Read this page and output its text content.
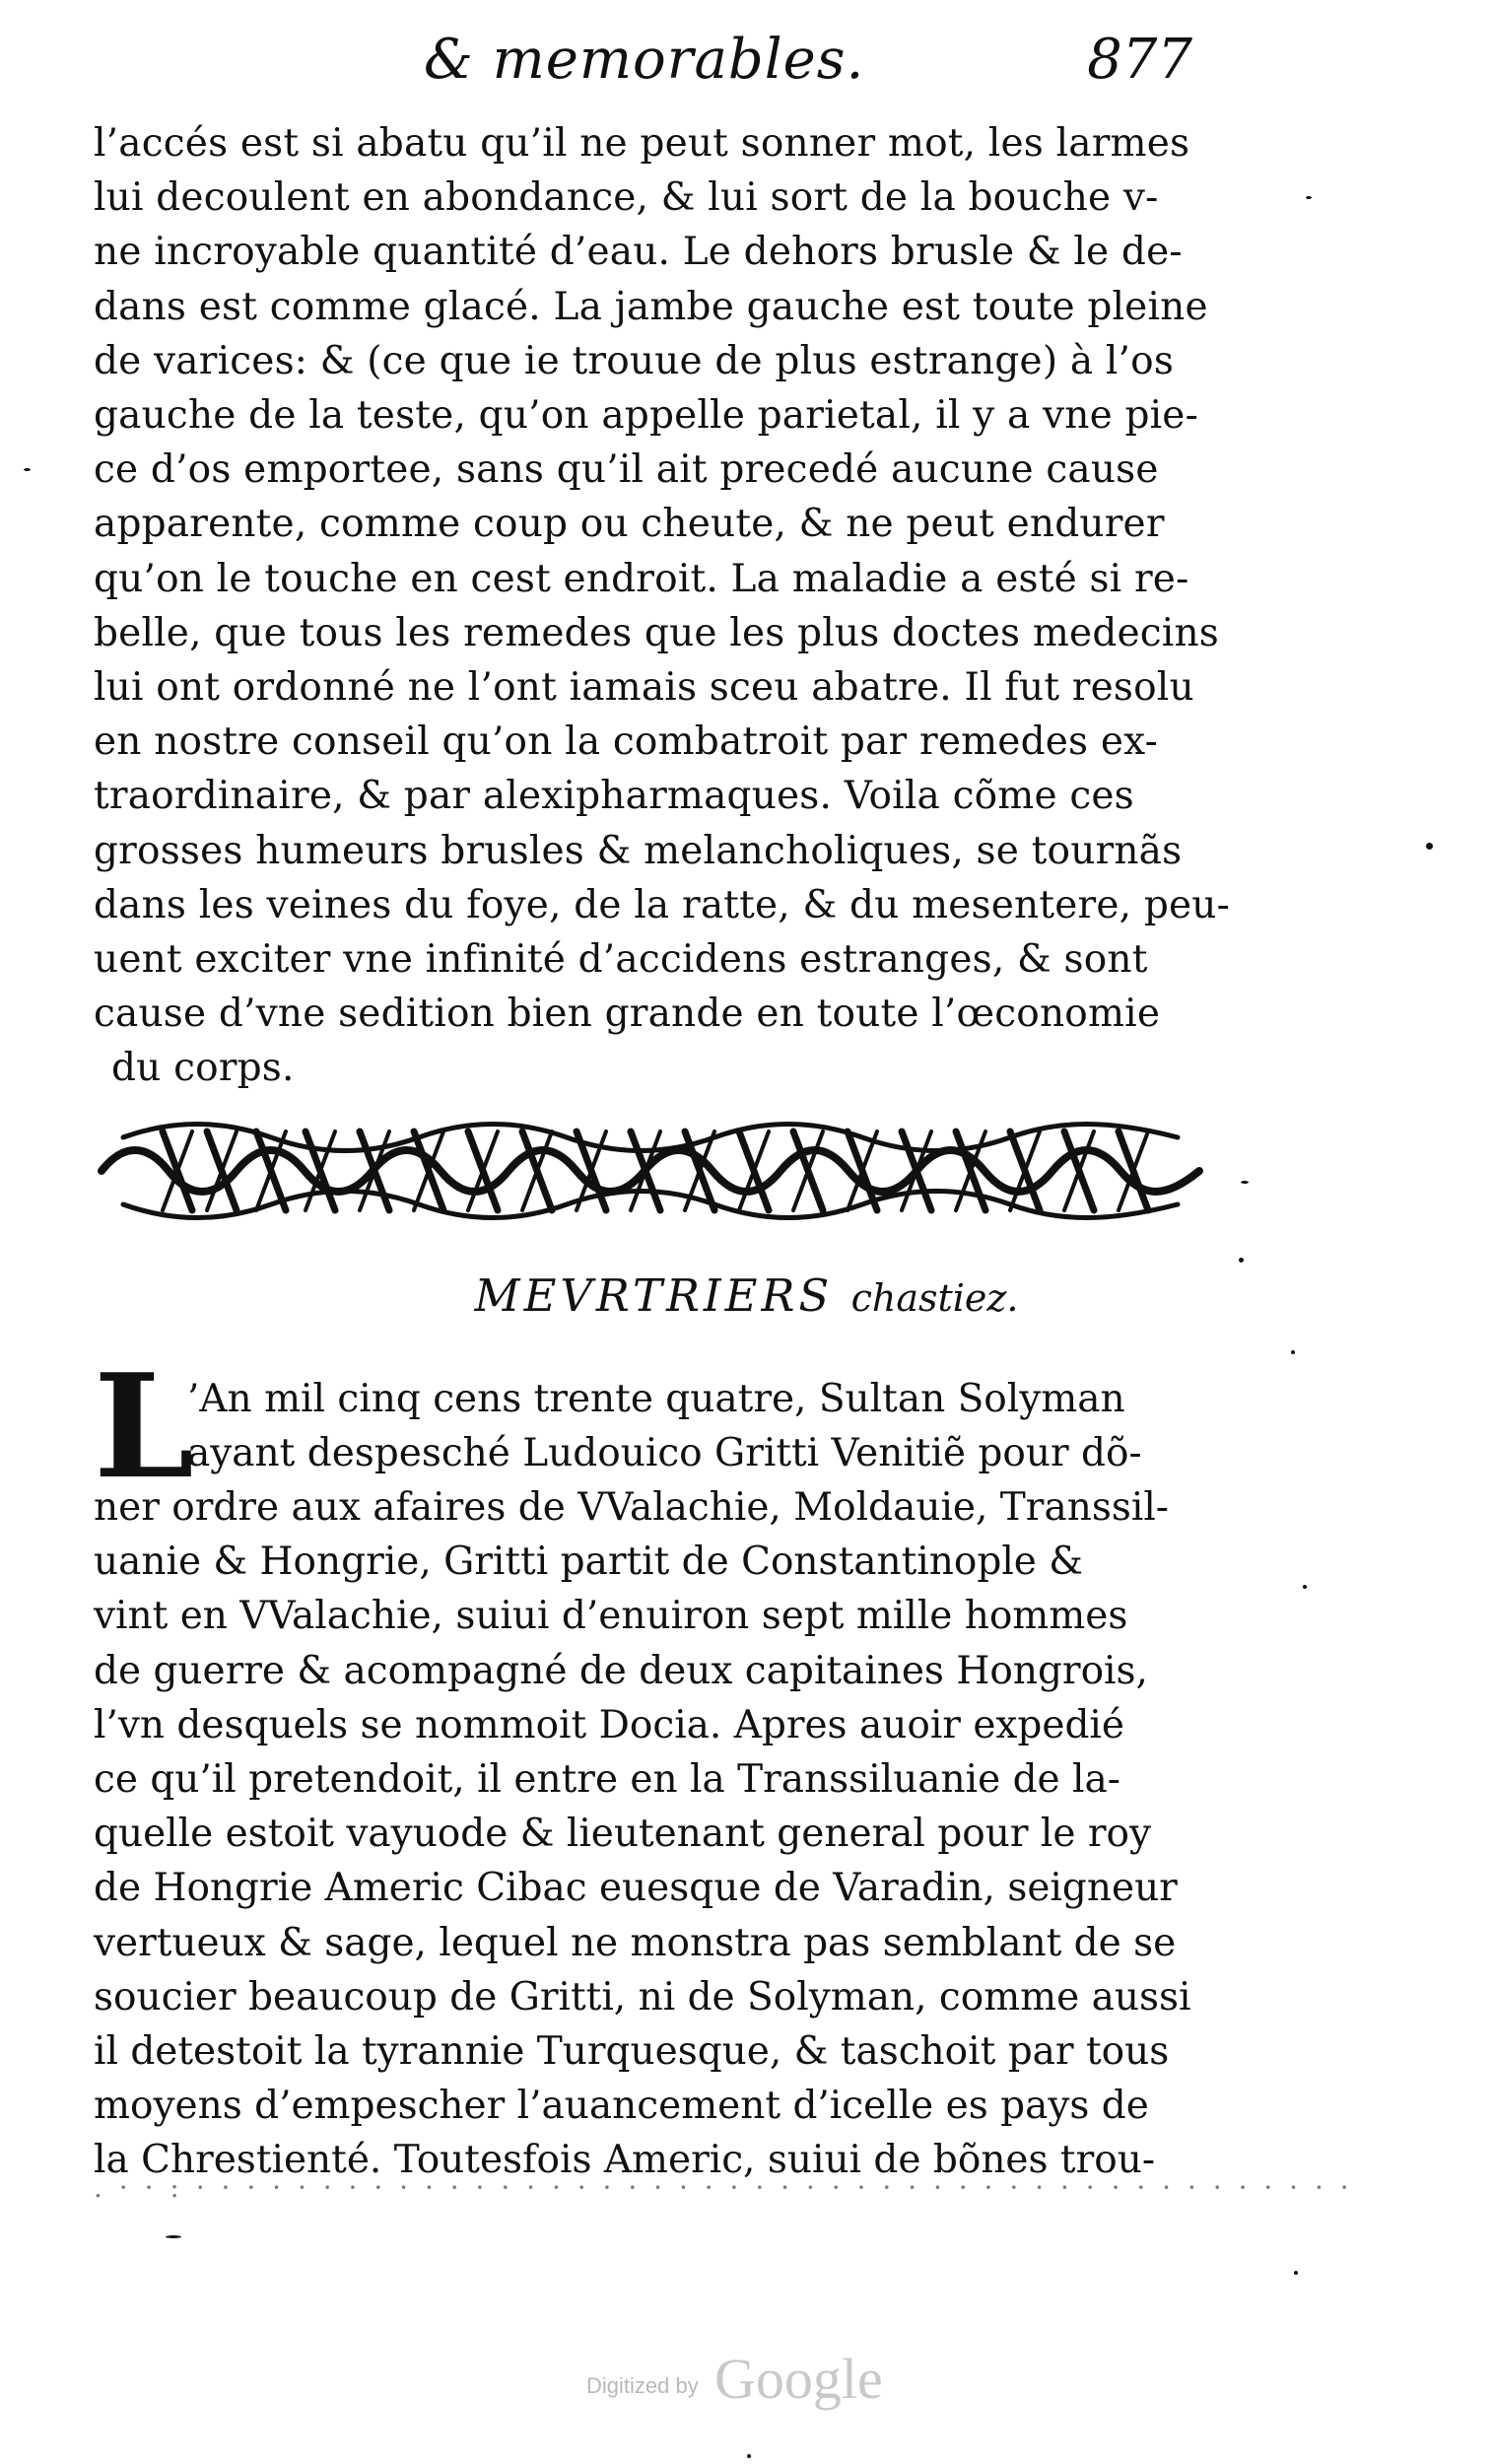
& memorables.	877
l’accés est si abatu qu’il ne peut sonner mot, les larmes
lui decoulent en abondance, & lui sort de la bouche v-
ne incroyable quantité d’eau. Le dehors brusle & le de-
dans est comme glacé. La jambe gauche est toute pleine
de varices: & (ce que ie trouue de plus estrange) à l’os
gauche de la teste, qu’on appelle parietal, il y a vne pie-
ce d’os emportee, sans qu’il ait precedé aucune cause
apparente, comme coup ou cheute, & ne peut endurer
qu’on le touche en cest endroit. La maladie a esté si re-
belle, que tous les remedes que les plus doctes medecins
lui ont ordonné ne l’ont iamais sceu abatre. Il fut resolu
en nostre conseil qu’on la combatroit par remedes ex-
traordinaire, & par alexipharmaques. Voila cõme ces
grosses humeurs brusles & melancholiques, se tournãs
dans les veines du foye, de la ratte, & du mesentere, peu-
uent exciter vne infinité d’accidens estranges, & sont
cause d’vne sedition bien grande en toute l’œconomie
du corps.
MEVRTRIERS chastiez.
L
’An mil cinq cens trente quatre, Sultan Solyman
ayant despesché Ludouico Gritti Venitiẽ pour dõ-
ner ordre aux afaires de VValachie, Moldauie, Transsil-
uanie & Hongrie, Gritti partit de Constantinople &
vint en VValachie, suiui d’enuiron sept mille hommes
de guerre & acompagné de deux capitaines Hongrois,
l’vn desquels se nommoit Docia. Apres auoir expedié
ce qu’il pretendoit, il entre en la Transsiluanie de la-
quelle estoit vayuode & lieutenant general pour le roy
de Hongrie Americ Cibac euesque de Varadin, seigneur
vertueux & sage, lequel ne monstra pas semblant de se
soucier beaucoup de Gritti, ni de Solyman, comme aussi
il detestoit la tyrannie Turquesque, & taschoit par tous
moyens d’empescher l’auancement d’icelle es pays de
la Chrestienté. Toutesfois Americ, suiui de bõnes trou-
. · · : · · · · · · · · · · · · · · · · · · · · · · · · · · · · · · · · · · · · · · · · · · · · · ·
Digitized by Google
